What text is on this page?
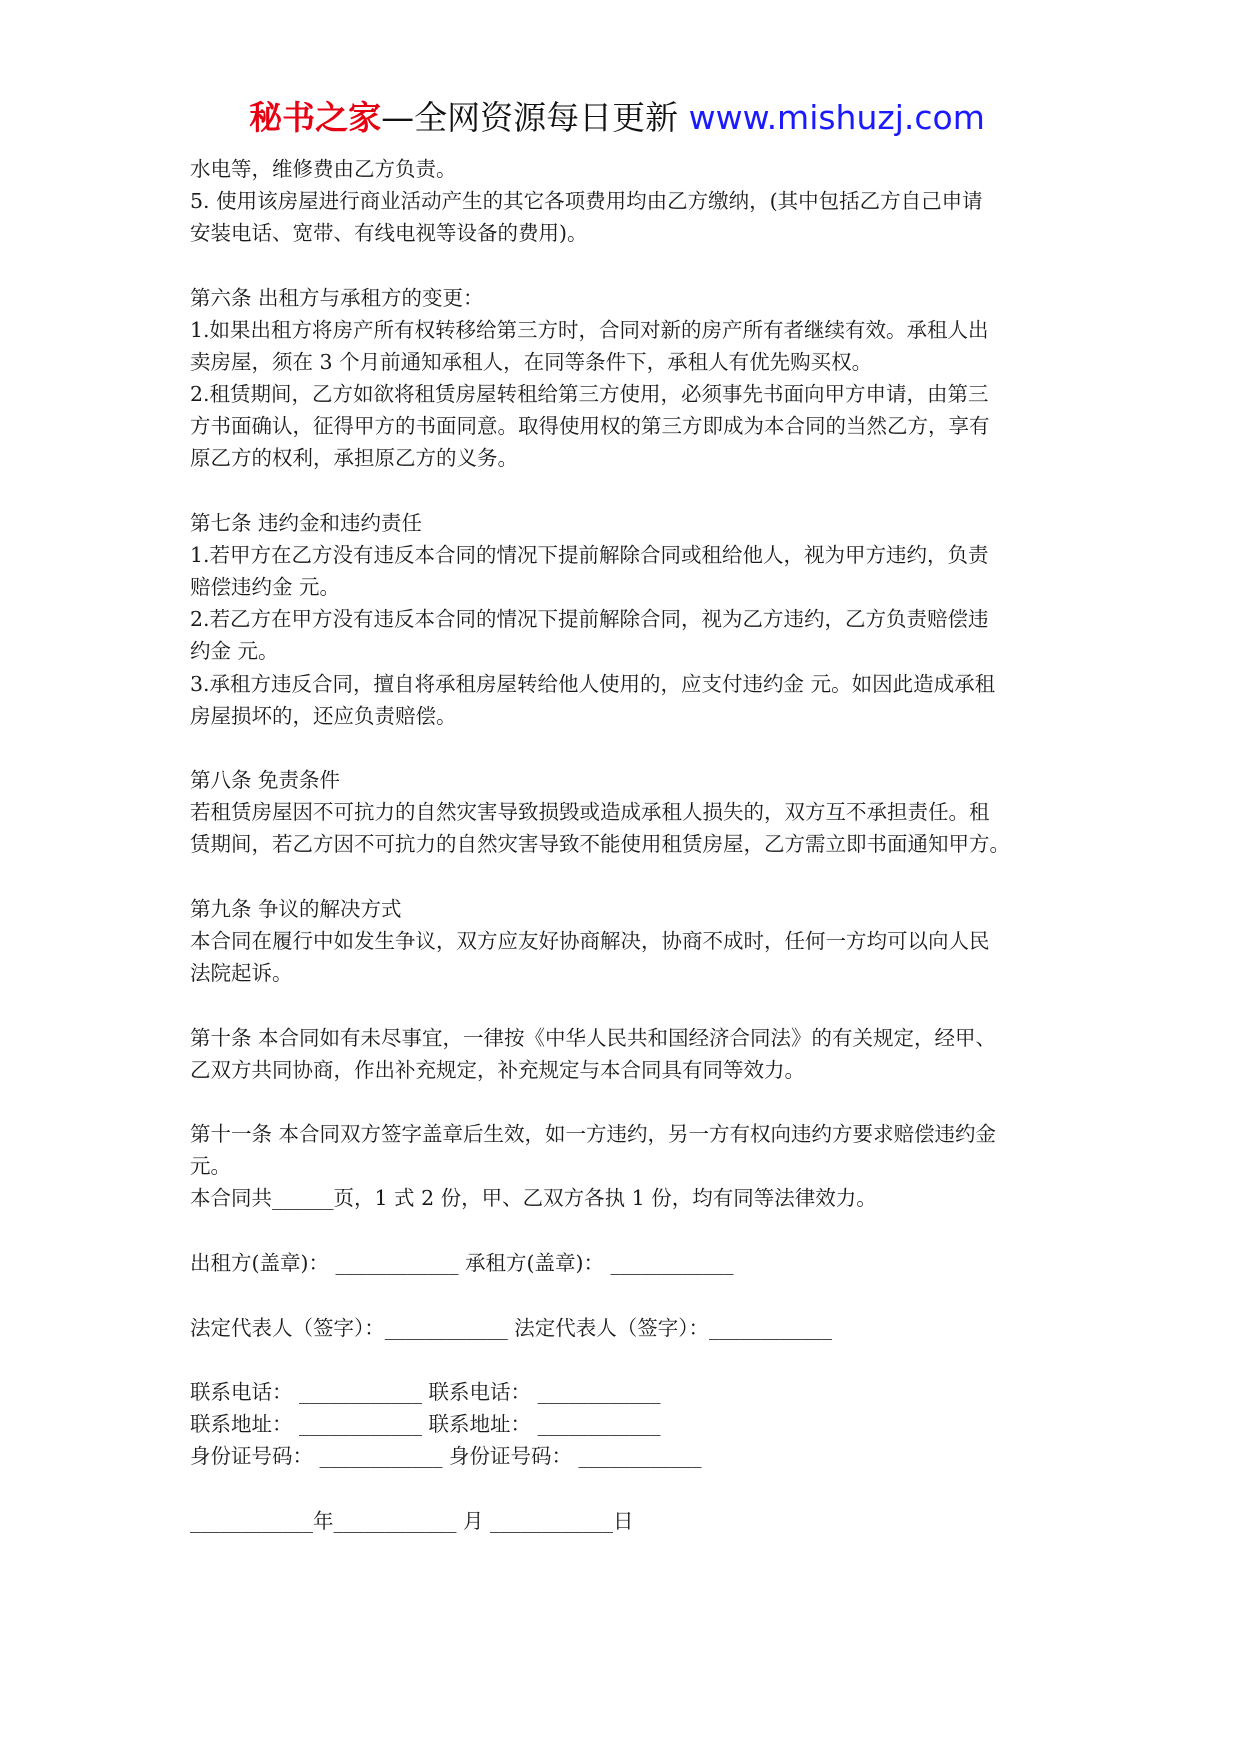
秘书之家—全网资源每日更新 www.mishuzj.com
水电等，维修费由乙方负责。
5. 使用该房屋进行商业活动产生的其它各项费用均由乙方缴纳，(其中包括乙方自己申请
安装电话、宽带、有线电视等设备的费用)。
第六条 出租方与承租方的变更：
1.如果出租方将房产所有权转移给第三方时，合同对新的房产所有者继续有效。承租人出
卖房屋，须在 3 个月前通知承租人，在同等条件下，承租人有优先购买权。
2.租赁期间，乙方如欲将租赁房屋转租给第三方使用，必须事先书面向甲方申请，由第三
方书面确认，征得甲方的书面同意。取得使用权的第三方即成为本合同的当然乙方，享有
原乙方的权利，承担原乙方的义务。
第七条 违约金和违约责任
1.若甲方在乙方没有违反本合同的情况下提前解除合同或租给他人，视为甲方违约，负责
赔偿违约金 元。
2.若乙方在甲方没有违反本合同的情况下提前解除合同，视为乙方违约，乙方负责赔偿违
约金 元。
3.承租方违反合同，擅自将承租房屋转给他人使用的，应支付违约金 元。如因此造成承租
房屋损坏的，还应负责赔偿。
第八条 免责条件
若租赁房屋因不可抗力的自然灾害导致损毁或造成承租人损失的，双方互不承担责任。租
赁期间，若乙方因不可抗力的自然灾害导致不能使用租赁房屋，乙方需立即书面通知甲方。
第九条 争议的解决方式
本合同在履行中如发生争议，双方应友好协商解决，协商不成时，任何一方均可以向人民
法院起诉。
第十条 本合同如有未尽事宜，一律按《中华人民共和国经济合同法》的有关规定，经甲、
乙双方共同协商，作出补充规定，补充规定与本合同具有同等效力。
第十一条 本合同双方签字盖章后生效，如一方违约，另一方有权向违约方要求赔偿违约金
元。
本合同共______页，1 式 2 份，甲、乙双方各执 1 份，均有同等法律效力。
出租方(盖章)： ____________ 承租方(盖章)： ____________
法定代表人（签字）：____________ 法定代表人（签字）：____________
联系电话： ____________ 联系电话： ____________
联系地址： ____________ 联系地址： ____________
身份证号码： ____________ 身份证号码： ____________
____________年____________ 月 ____________日
